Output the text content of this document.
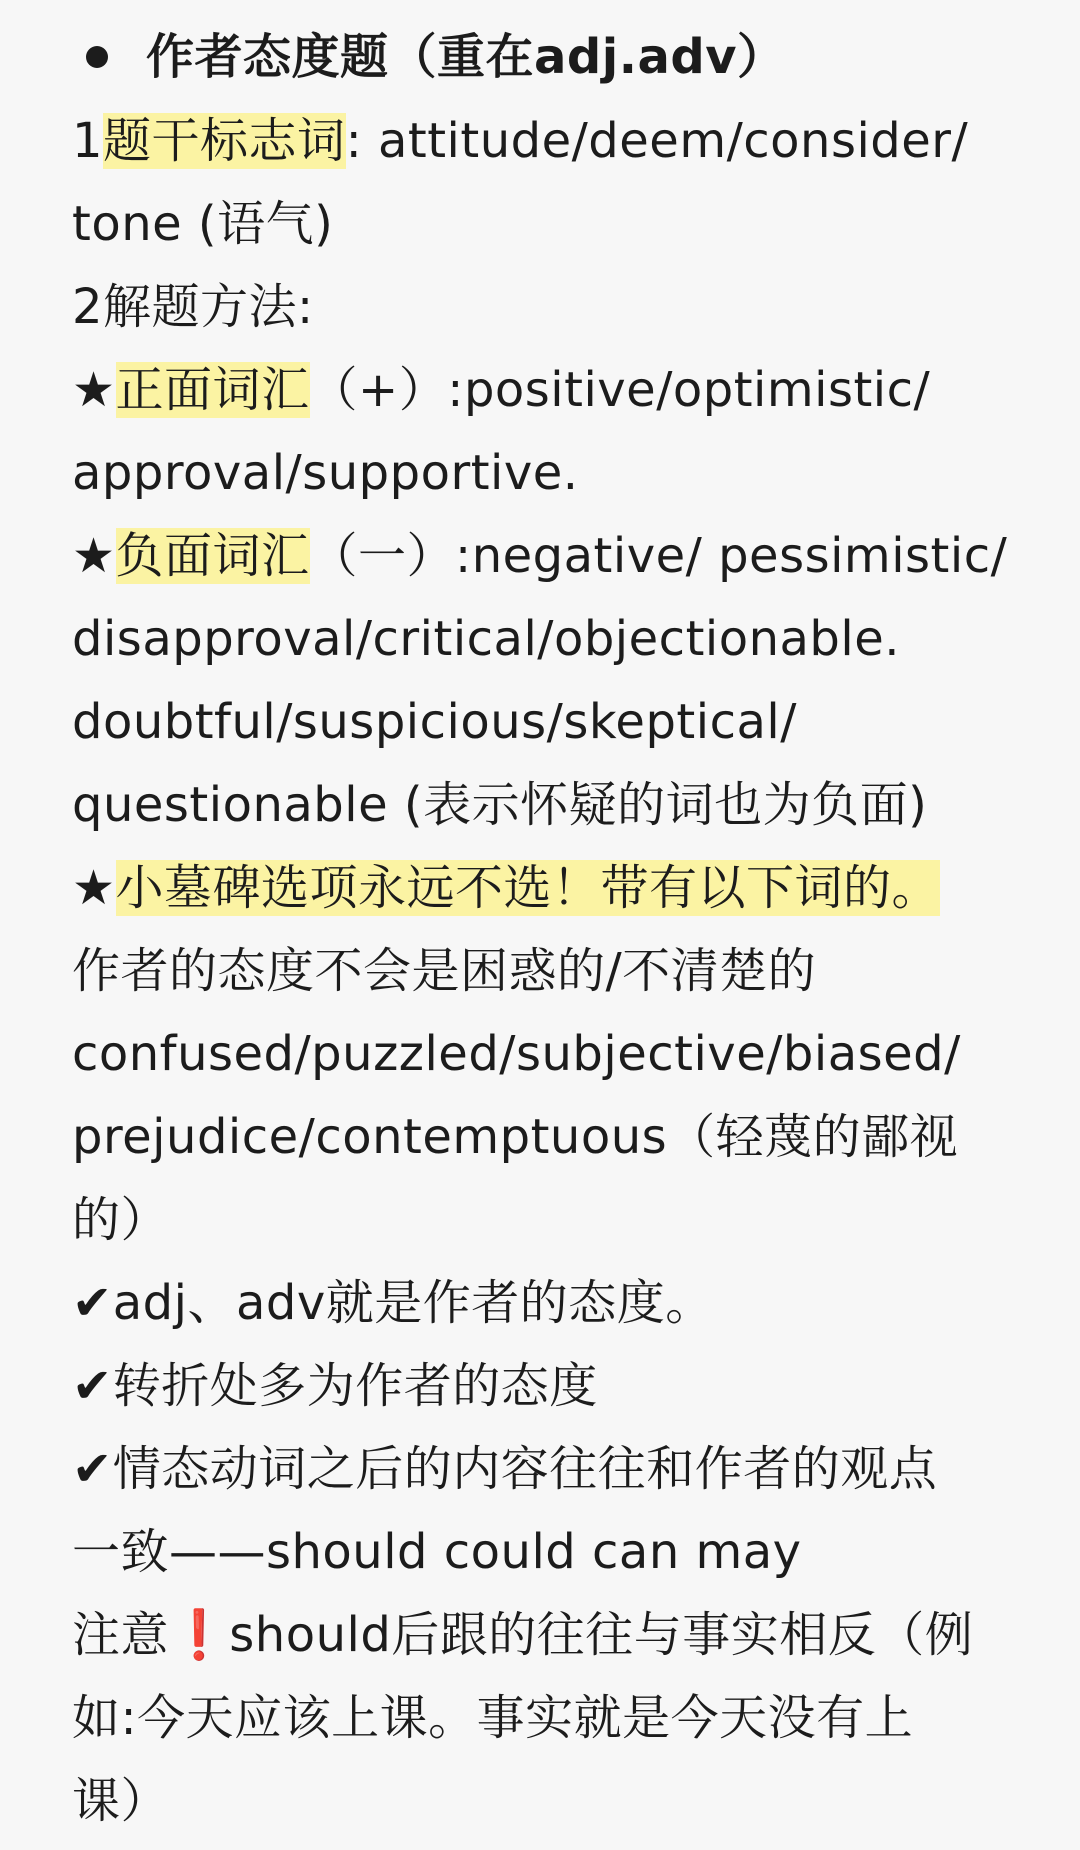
作者态度题（重在adj.adv）
1题干标志词: attitude/deem/consider/
tone (语气)
2解题方法:
★正面词汇（+）:positive/optimistic/
approval/supportive.
★负面词汇（一）:negative/ pessimistic/
disapproval/critical/objectionable.
doubtful/suspicious/skeptical/
questionable (表示怀疑的词也为负面)
★小墓碑选项永远不选！带有以下词的。
作者的态度不会是困惑的/不清楚的
confused/puzzled/subjective/biased/
prejudice/contemptuous（轻蔑的鄙视
的）
✔adj、adv就是作者的态度。
✔转折处多为作者的态度
✔情态动词之后的内容往往和作者的观点
一致——should could can may
注意❗should后跟的往往与事实相反（例
如:今天应该上课。事实就是今天没有上
课）
